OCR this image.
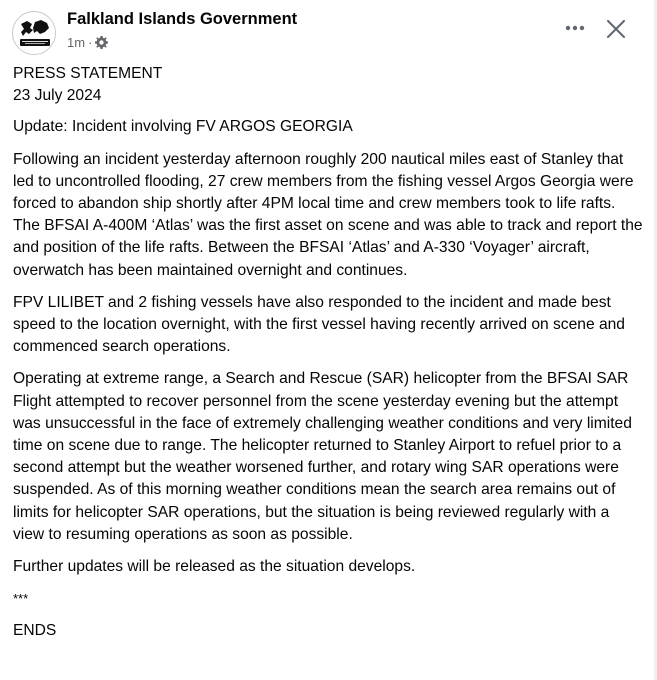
Falkland Islands Government
1m ·

PRESS STATEMENT
23 July 2024

Update: Incident involving FV ARGOS GEORGIA

Following an incident yesterday afternoon roughly 200 nautical miles east of Stanley that led to uncontrolled flooding, 27 crew members from the fishing vessel Argos Georgia were forced to abandon ship shortly after 4PM local time and crew members took to life rafts. The BFSAI A-400M ‘Atlas’ was the first asset on scene and was able to track and report the and position of the life rafts. Between the BFSAI ‘Atlas’ and A-330 ‘Voyager’ aircraft, overwatch has been maintained overnight and continues.

FPV LILIBET and 2 fishing vessels have also responded to the incident and made best speed to the location overnight, with the first vessel having recently arrived on scene and commenced search operations.

Operating at extreme range, a Search and Rescue (SAR) helicopter from the BFSAI SAR Flight attempted to recover personnel from the scene yesterday evening but the attempt was unsuccessful in the face of extremely challenging weather conditions and very limited time on scene due to range. The helicopter returned to Stanley Airport to refuel prior to a second attempt but the weather worsened further, and rotary wing SAR operations were suspended. As of this morning weather conditions mean the search area remains out of limits for helicopter SAR operations, but the situation is being reviewed regularly with a view to resuming operations as soon as possible.

Further updates will be released as the situation develops.

***

ENDS
